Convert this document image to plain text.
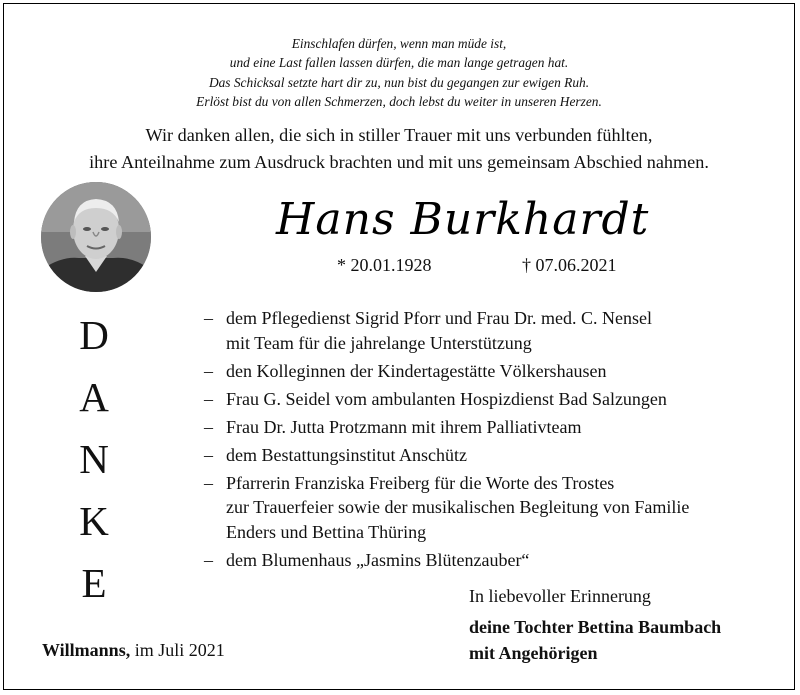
Einschlafen dürfen, wenn man müde ist,
und eine Last fallen lassen dürfen, die man lange getragen hat.
Das Schicksal setzte hart dir zu, nun bist du gegangen zur ewigen Ruh.
Erlöst bist du von allen Schmerzen, doch lebst du weiter in unseren Herzen.
Wir danken allen, die sich in stiller Trauer mit uns verbunden fühlten,
ihre Anteilnahme zum Ausdruck brachten und mit uns gemeinsam Abschied nahmen.
D
A
N
K
E
Hans Burkhardt
* 20.01.1928	† 07.06.2021
– dem Pflegedienst Sigrid Pforr und Frau Dr. med. C. Nensel
mit Team für die jahrelange Unterstützung
– den Kolleginnen der Kindertagestätte Völkershausen
– Frau G. Seidel vom ambulanten Hospizdienst Bad Salzungen
– Frau Dr. Jutta Protzmann mit ihrem Palliativteam
– dem Bestattungsinstitut Anschütz
– Pfarrerin Franziska Freiberg für die Worte des Trostes
zur Trauerfeier sowie der musikalischen Begleitung von Familie
Enders und Bettina Thüring
– dem Blumenhaus „Jasmins Blütenzauber“
In liebevoller Erinnerung
deine Tochter Bettina Baumbach
mit Angehörigen
Willmanns, im Juli 2021
